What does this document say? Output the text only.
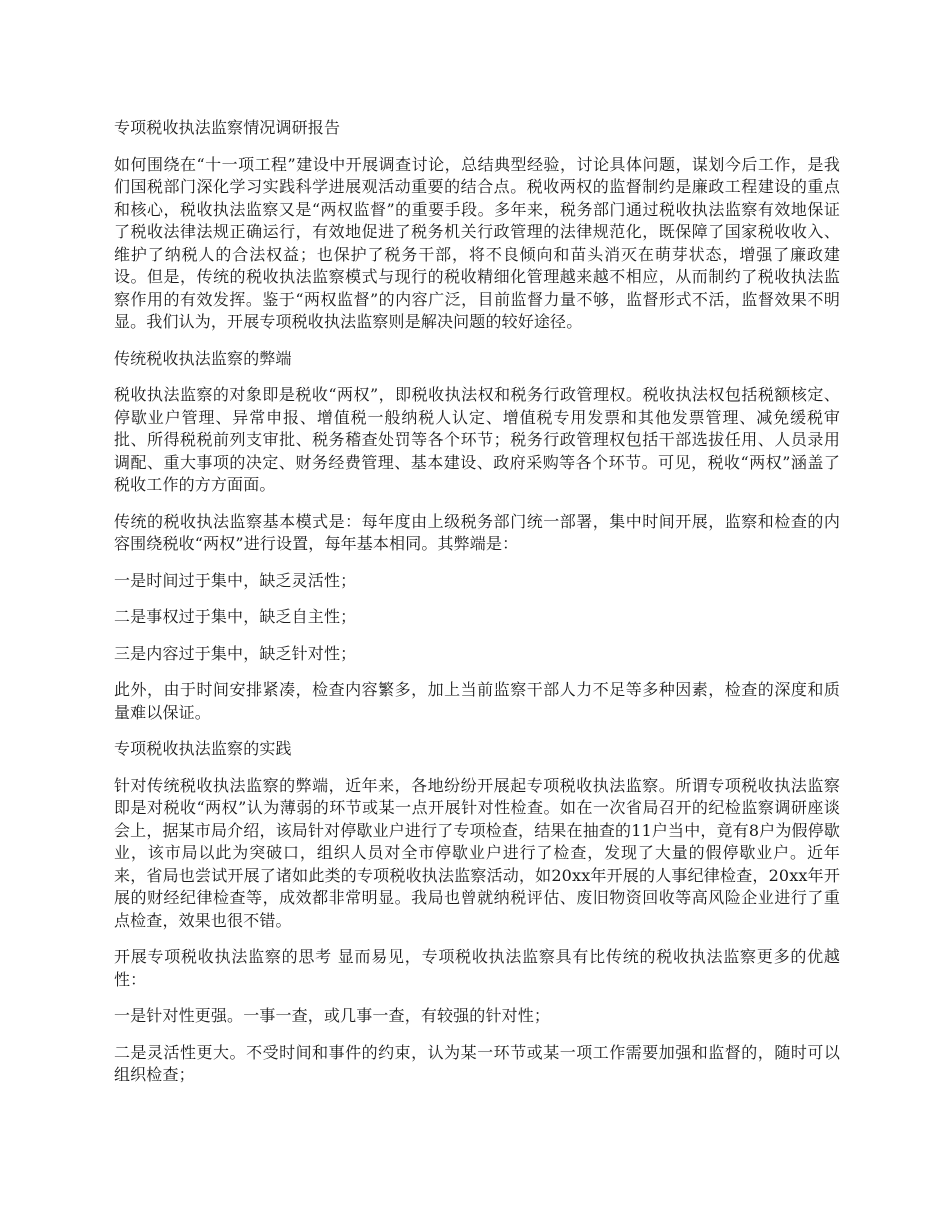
专项税收执法监察情况调研报告

如何围绕在“十一项工程”建设中开展调查讨论，总结典型经验，讨论具体问题，谋划今后工作，是我们国税部门深化学习实践科学进展观活动重要的结合点。税收两权的监督制约是廉政工程建设的重点和核心，税收执法监察又是“两权监督”的重要手段。多年来，税务部门通过税收执法监察有效地保证了税收法律法规正确运行，有效地促进了税务机关行政管理的法律规范化，既保障了国家税收收入、维护了纳税人的合法权益；也保护了税务干部，将不良倾向和苗头消灭在萌芽状态，增强了廉政建设。但是，传统的税收执法监察模式与现行的税收精细化管理越来越不相应，从而制约了税收执法监察作用的有效发挥。鉴于“两权监督”的内容广泛，目前监督力量不够，监督形式不活，监督效果不明显。我们认为，开展专项税收执法监察则是解决问题的较好途径。

传统税收执法监察的弊端

税收执法监察的对象即是税收“两权”，即税收执法权和税务行政管理权。税收执法权包括税额核定、停歇业户管理、异常申报、增值税一般纳税人认定、增值税专用发票和其他发票管理、减免缓税审批、所得税税前列支审批、税务稽查处罚等各个环节；税务行政管理权包括干部选拔任用、人员录用调配、重大事项的决定、财务经费管理、基本建设、政府采购等各个环节。可见，税收“两权”涵盖了税收工作的方方面面。

传统的税收执法监察基本模式是：每年度由上级税务部门统一部署，集中时间开展，监察和检查的内容围绕税收“两权”进行设置，每年基本相同。其弊端是：

一是时间过于集中，缺乏灵活性；

二是事权过于集中，缺乏自主性；

三是内容过于集中，缺乏针对性；

此外，由于时间安排紧凑，检查内容繁多，加上当前监察干部人力不足等多种因素，检查的深度和质量难以保证。

专项税收执法监察的实践

针对传统税收执法监察的弊端，近年来，各地纷纷开展起专项税收执法监察。所谓专项税收执法监察即是对税收“两权”认为薄弱的环节或某一点开展针对性检查。如在一次省局召开的纪检监察调研座谈会上，据某市局介绍，该局针对停歇业户进行了专项检查，结果在抽查的11户当中，竟有8户为假停歇业，该市局以此为突破口，组织人员对全市停歇业户进行了检查，发现了大量的假停歇业户。近年来，省局也尝试开展了诸如此类的专项税收执法监察活动，如20xx年开展的人事纪律检查，20xx年开展的财经纪律检查等，成效都非常明显。我局也曾就纳税评估、废旧物资回收等高风险企业进行了重点检查，效果也很不错。

开展专项税收执法监察的思考 显而易见，专项税收执法监察具有比传统的税收执法监察更多的优越性：

一是针对性更强。一事一查，或几事一查，有较强的针对性；

二是灵活性更大。不受时间和事件的约束，认为某一环节或某一项工作需要加强和监督的，随时可以组织检查；
